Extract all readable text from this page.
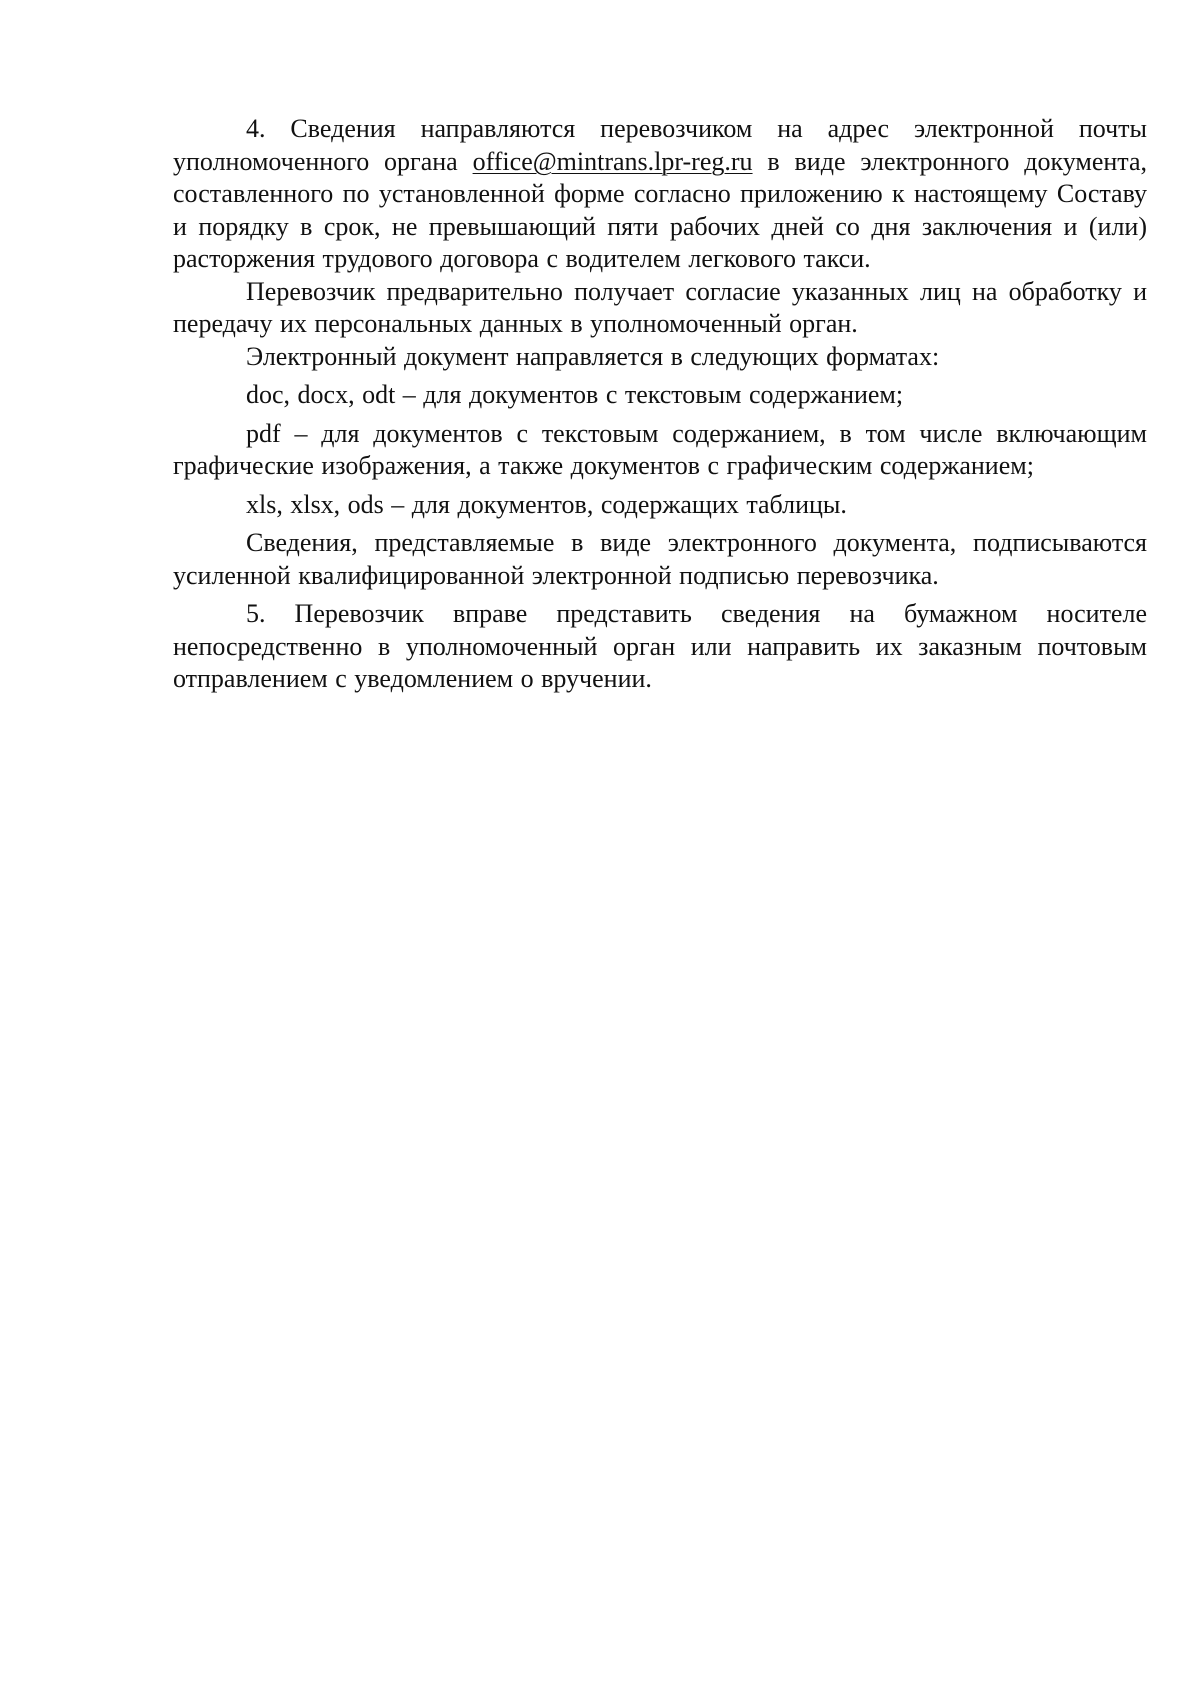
4. Сведения направляются перевозчиком на адрес электронной почты уполномоченного органа office@mintrans.lpr-reg.ru в виде электронного документа, составленного по установленной форме согласно приложению к настоящему Составу и порядку в срок, не превышающий пяти рабочих дней со дня заключения и (или) расторжения трудового договора с водителем легкового такси.

Перевозчик предварительно получает согласие указанных лиц на обработку и передачу их персональных данных в уполномоченный орган.

Электронный документ направляется в следующих форматах:

doc, docx, odt – для документов с текстовым содержанием;

pdf – для документов с текстовым содержанием, в том числе включающим графические изображения, а также документов с графическим содержанием;

xls, xlsx, ods – для документов, содержащих таблицы.

Сведения, представляемые в виде электронного документа, подписываются усиленной квалифицированной электронной подписью перевозчика.

5. Перевозчик вправе представить сведения на бумажном носителе непосредственно в уполномоченный орган или направить их заказным почтовым отправлением с уведомлением о вручении.
